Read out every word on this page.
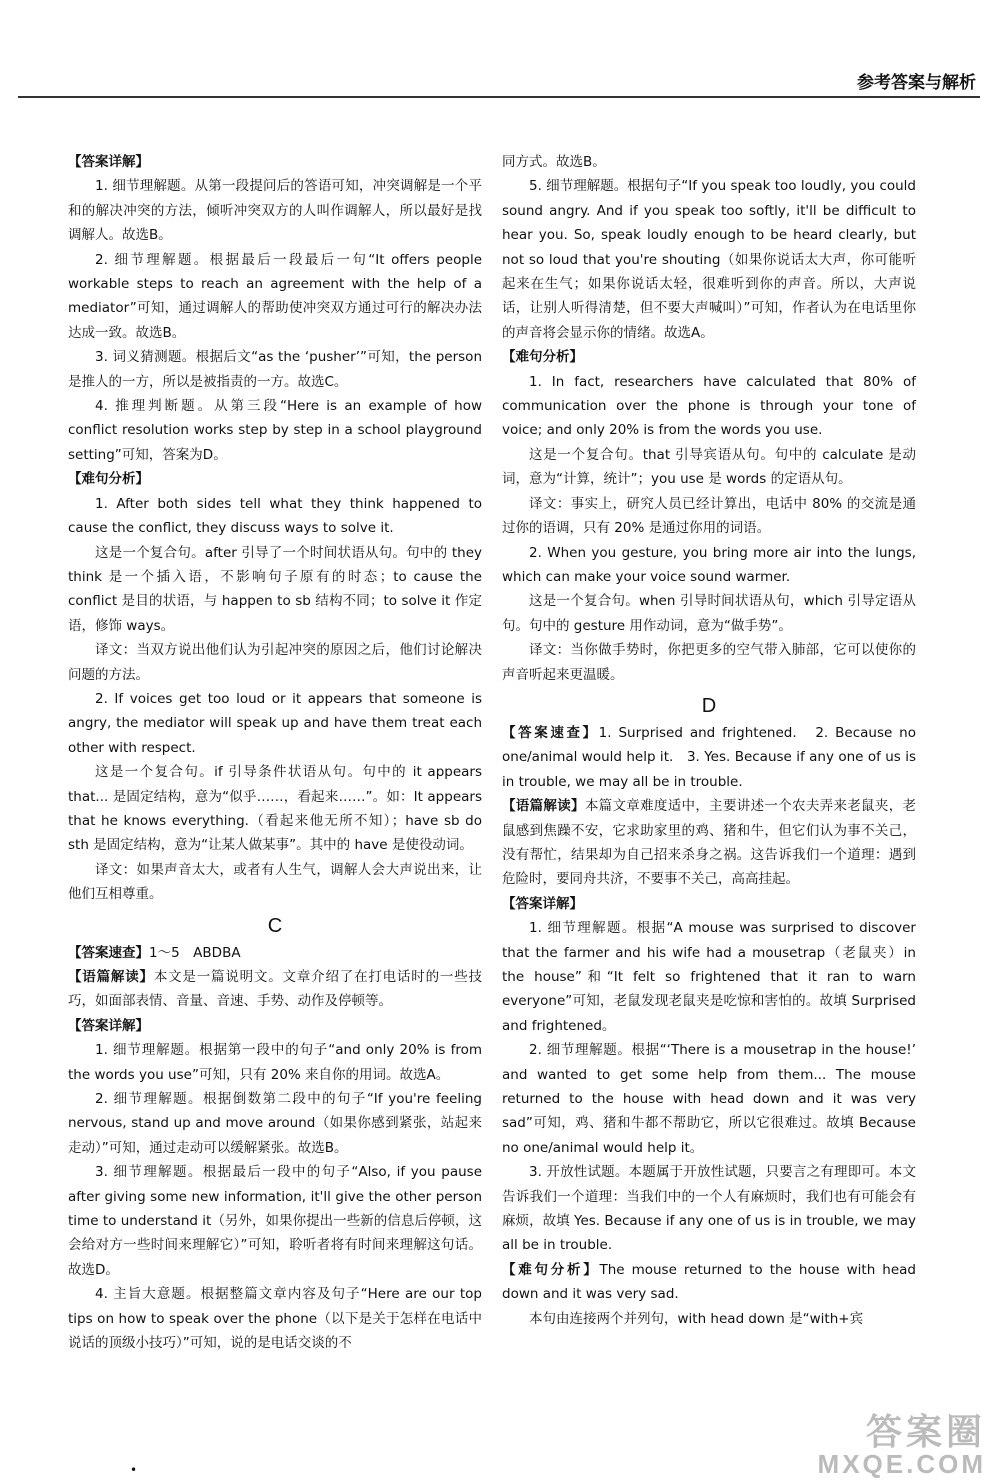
参考答案与解析

【答案详解】

1. 细节理解题。从第一段提问后的答语可知，冲突调解是一个平和的解决冲突的方法，倾听冲突双方的人叫作调解人，所以最好是找调解人。故选B。

2. 细节理解题。根据最后一段最后一句“It offers people workable steps to reach an agreement with the help of a mediator”可知，通过调解人的帮助使冲突双方通过可行的解决办法达成一致。故选B。

3. 词义猜测题。根据后文“as the ‘pusher’”可知，the person 是推人的一方，所以是被指责的一方。故选C。

4. 推理判断题。从第三段“Here is an example of how conflict resolution works step by step in a school playground setting”可知，答案为D。

【难句分析】

1. After both sides tell what they think happened to cause the conflict, they discuss ways to solve it.

这是一个复合句。after 引导了一个时间状语从句。句中的 they think 是一个插入语，不影响句子原有的时态；to cause the conflict 是目的状语，与 happen to sb 结构不同；to solve it 作定语，修饰 ways。

译文：当双方说出他们认为引起冲突的原因之后，他们讨论解决问题的方法。

2. If voices get too loud or it appears that someone is angry, the mediator will speak up and have them treat each other with respect.

这是一个复合句。if 引导条件状语从句。句中的 it appears that... 是固定结构，意为“似乎……，看起来……”。如：It appears that he knows everything.（看起来他无所不知）；have sb do sth 是固定结构，意为“让某人做某事”。其中的 have 是使役动词。

译文：如果声音太大，或者有人生气，调解人会大声说出来，让他们互相尊重。

C

【答案速查】1～5　ABDBA

【语篇解读】本文是一篇说明文。文章介绍了在打电话时的一些技巧，如面部表情、音量、音速、手势、动作及停顿等。

【答案详解】

1. 细节理解题。根据第一段中的句子“and only 20% is from the words you use”可知，只有 20% 来自你的用词。故选A。

2. 细节理解题。根据倒数第二段中的句子“If you're feeling nervous, stand up and move around（如果你感到紧张，站起来走动）”可知，通过走动可以缓解紧张。故选B。

3. 细节理解题。根据最后一段中的句子“Also, if you pause after giving some new information, it'll give the other person time to understand it（另外，如果你提出一些新的信息后停顿，这会给对方一些时间来理解它）”可知，聆听者将有时间来理解这句话。故选D。

4. 主旨大意题。根据整篇文章内容及句子“Here are our top tips on how to speak over the phone（以下是关于怎样在电话中说话的顶级小技巧）”可知，说的是电话交谈的不

同方式。故选B。

5. 细节理解题。根据句子“If you speak too loudly, you could sound angry. And if you speak too softly, it'll be difficult to hear you. So, speak loudly enough to be heard clearly, but not so loud that you're shouting（如果你说话太大声，你可能听起来在生气；如果你说话太轻，很难听到你的声音。所以，大声说话，让别人听得清楚，但不要大声喊叫）”可知，作者认为在电话里你的声音将会显示你的情绪。故选A。

【难句分析】

1. In fact, researchers have calculated that 80% of communication over the phone is through your tone of voice; and only 20% is from the words you use.

这是一个复合句。that 引导宾语从句。句中的 calculate 是动词，意为“计算，统计”；you use 是 words 的定语从句。

译文：事实上，研究人员已经计算出，电话中 80% 的交流是通过你的语调，只有 20% 是通过你用的词语。

2. When you gesture, you bring more air into the lungs, which can make your voice sound warmer.

这是一个复合句。when 引导时间状语从句，which 引导定语从句。句中的 gesture 用作动词，意为“做手势”。

译文：当你做手势时，你把更多的空气带入肺部，它可以使你的声音听起来更温暖。

D

【答案速查】1. Surprised and frightened.　2. Because no one/animal would help it.　3. Yes. Because if any one of us is in trouble, we may all be in trouble.

【语篇解读】本篇文章难度适中，主要讲述一个农夫弄来老鼠夹，老鼠感到焦躁不安，它求助家里的鸡、猪和牛，但它们认为事不关己，没有帮忙，结果却为自己招来杀身之祸。这告诉我们一个道理：遇到危险时，要同舟共济，不要事不关己，高高挂起。

【答案详解】

1. 细节理解题。根据“A mouse was surprised to discover that the farmer and his wife had a mousetrap（老鼠夹）in the house”和“It felt so frightened that it ran to warn everyone”可知，老鼠发现老鼠夹是吃惊和害怕的。故填 Surprised and frightened。

2. 细节理解题。根据“‘There is a mousetrap in the house!’ and wanted to get some help from them... The mouse returned to the house with head down and it was very sad”可知，鸡、猪和牛都不帮助它，所以它很难过。故填 Because no one/animal would help it。

3. 开放性试题。本题属于开放性试题，只要言之有理即可。本文告诉我们一个道理：当我们中的一个人有麻烦时，我们也有可能会有麻烦，故填 Yes. Because if any one of us is in trouble, we may all be in trouble.

【难句分析】The mouse returned to the house with head down and it was very sad.

本句由连接两个并列句，with head down 是“with+宾

答案圈
MXQE.COM
•
